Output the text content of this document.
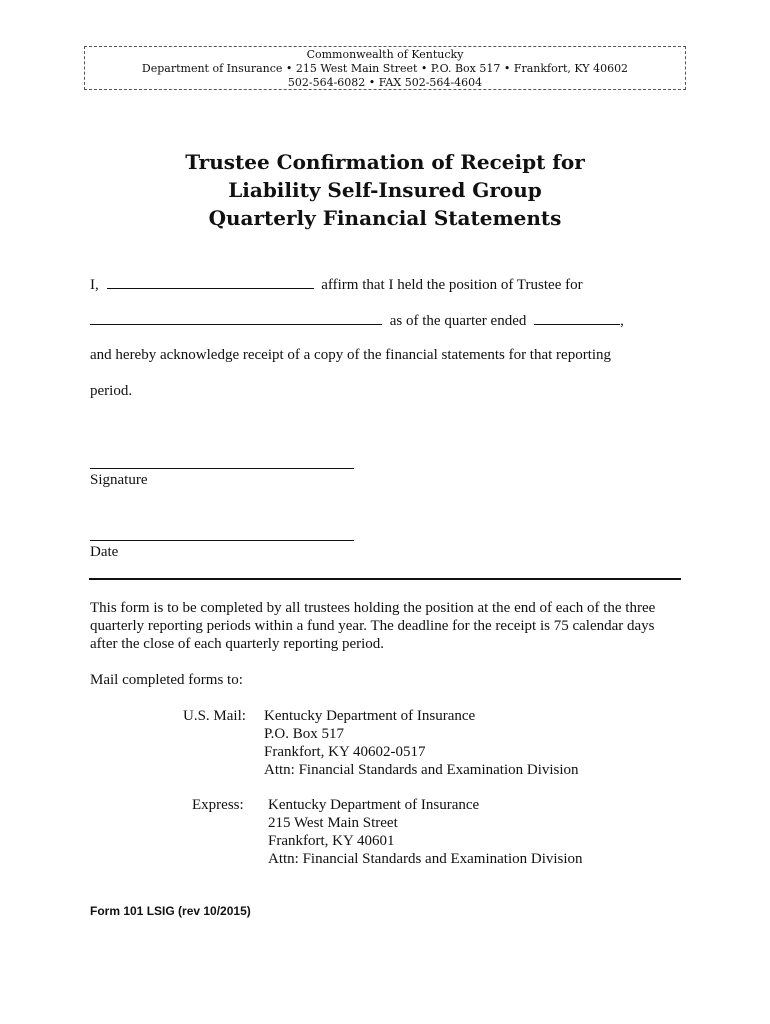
Commonwealth of Kentucky
Department of Insurance • 215 West Main Street • P.O. Box 517 • Frankfort, KY 40602
502-564-6082 • FAX 502-564-4604
Trustee Confirmation of Receipt for
Liability Self-Insured Group
Quarterly Financial Statements
I,	affirm that I held the position of Trustee for
as of the quarter ended	,
and hereby acknowledge receipt of a copy of the financial statements for that reporting
period.
Signature
Date
This form is to be completed by all trustees holding the position at the end of each of the three
quarterly reporting periods within a fund year. The deadline for the receipt is 75 calendar days
after the close of each quarterly reporting period.
Mail completed forms to:
U.S. Mail: Kentucky Department of Insurance
P.O. Box 517
Frankfort, KY 40602-0517
Attn: Financial Standards and Examination Division
Express: Kentucky Department of Insurance
215 West Main Street
Frankfort, KY 40601
Attn: Financial Standards and Examination Division
Form 101 LSIG (rev 10/2015)
